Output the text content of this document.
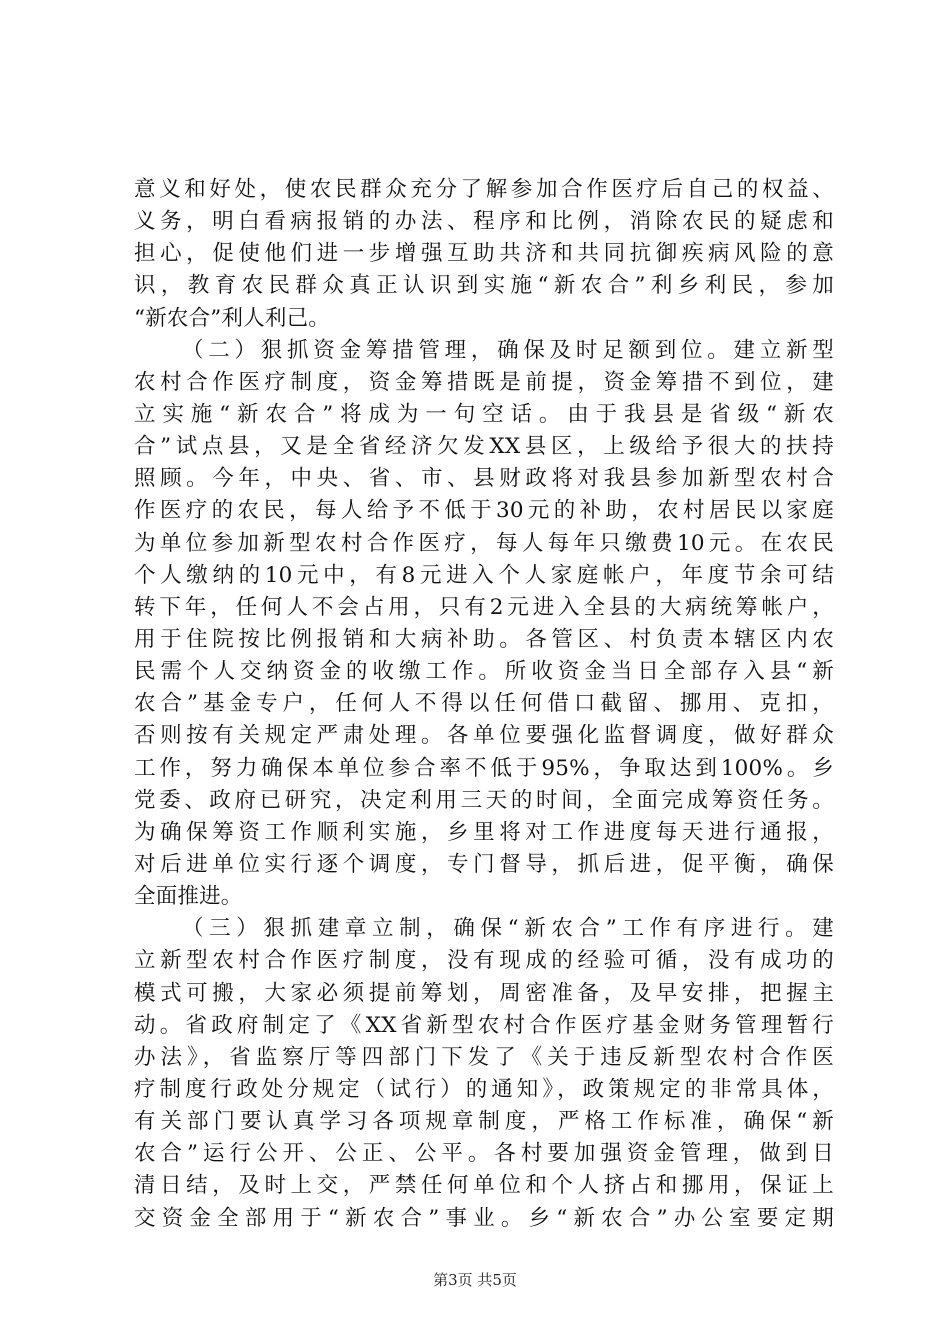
意义和好处，使农民群众充分了解参加合作医疗后自己的权益、
义务，明白看病报销的办法、程序和比例，消除农民的疑虑和
担心，促使他们进一步增强互助共济和共同抗御疾病风险的意
识，教育农民群众真正认识到实施“新农合”利乡利民，参加
“新农合”利人利己。
（二）狠抓资金筹措管理，确保及时足额到位。建立新型
农村合作医疗制度，资金筹措既是前提，资金筹措不到位，建
立实施“新农合”将成为一句空话。由于我县是省级“新农
合”试点县，又是全省经济欠发XX县区，上级给予很大的扶持
照顾。今年，中央、省、市、县财政将对我县参加新型农村合
作医疗的农民，每人给予不低于30元的补助，农村居民以家庭
为单位参加新型农村合作医疗，每人每年只缴费10元。在农民
个人缴纳的10元中，有8元进入个人家庭帐户，年度节余可结
转下年，任何人不会占用，只有2元进入全县的大病统筹帐户，
用于住院按比例报销和大病补助。各管区、村负责本辖区内农
民需个人交纳资金的收缴工作。所收资金当日全部存入县“新
农合”基金专户，任何人不得以任何借口截留、挪用、克扣，
否则按有关规定严肃处理。各单位要强化监督调度，做好群众
工作，努力确保本单位参合率不低于95%，争取达到100%。乡
党委、政府已研究，决定利用三天的时间，全面完成筹资任务。
为确保筹资工作顺利实施，乡里将对工作进度每天进行通报，
对后进单位实行逐个调度，专门督导，抓后进，促平衡，确保
全面推进。
（三）狠抓建章立制，确保“新农合”工作有序进行。建
立新型农村合作医疗制度，没有现成的经验可循，没有成功的
模式可搬，大家必须提前筹划，周密准备，及早安排，把握主
动。省政府制定了《XX省新型农村合作医疗基金财务管理暂行
办法》，省监察厅等四部门下发了《关于违反新型农村合作医
疗制度行政处分规定（试行）的通知》，政策规定的非常具体，
有关部门要认真学习各项规章制度，严格工作标准，确保“新
农合”运行公开、公正、公平。各村要加强资金管理，做到日
清日结，及时上交，严禁任何单位和个人挤占和挪用，保证上
交资金全部用于“新农合”事业。乡“新农合”办公室要定期
第3页 共5页
